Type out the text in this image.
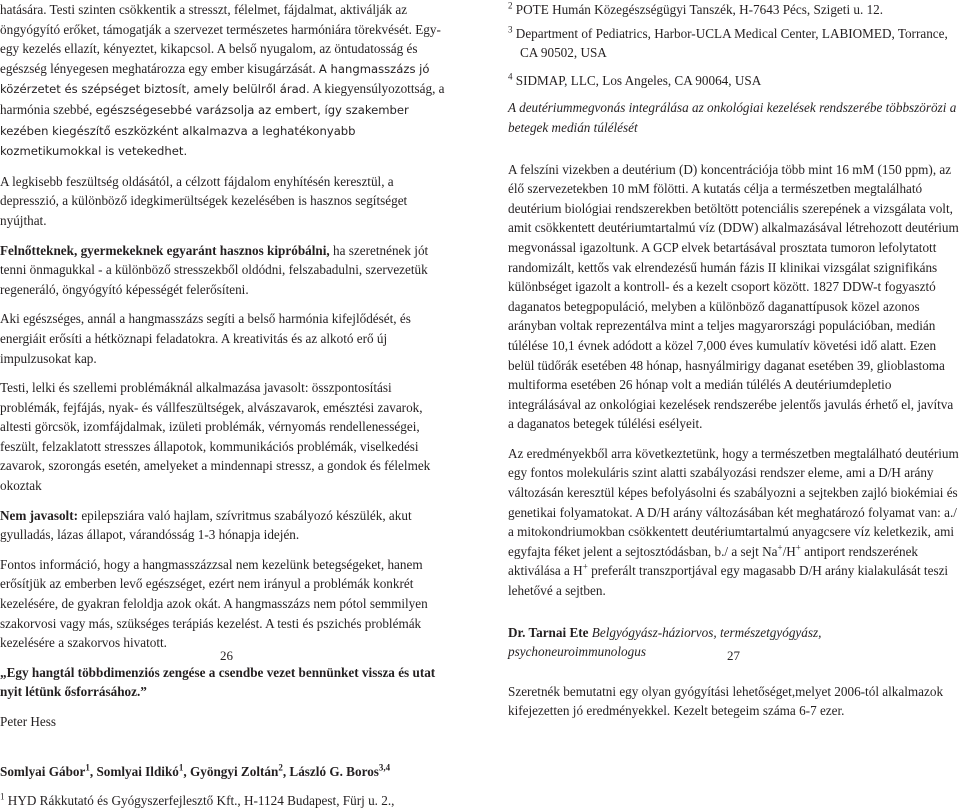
hatására. Testi szinten csökkentik a stresszt, félelmet, fájdalmat, aktiválják az öngyógyító erőket, támogatják a szervezet természetes harmóniára törekvését. Egy-egy kezelés ellazít, kényeztet, kikapcsol. A belső nyugalom, az öntudatosság és egészség lényegesen meghatározza egy ember kisugárzását. A hangmasszázs jó közérzetet és szépséget biztosít, amely belülről árad. A kiegyensúlyozottság, a harmónia szebbé, egészségesebbé varázsolja az embert, így szakember kezében kiegészítő eszközként alkalmazva a leghatékonyabb kozmetikumokkal is vetekedhet.

A legkisebb feszültség oldásától, a célzott fájdalom enyhítésén keresztül, a depresszió, a különböző idegkimerültségek kezelésében is hasznos segítséget nyújthat.

Felnőtteknek, gyermekeknek egyaránt hasznos kipróbálni, ha szeretnének jót tenni önmagukkal - a különböző stresszekből oldódni, felszabadulni, szervezetük regeneráló, öngyógyító képességét felerősíteni.

Aki egészséges, annál a hangmasszázs segíti a belső harmónia kifejlődését, és energiáit erősíti a hétköznapi feladatokra. A kreativitás és az alkotó erő új impulzusokat kap.

Testi, lelki és szellemi problémáknál alkalmazása javasolt: összpontosítási problémák, fejfájás, nyak- és vállfeszültségek, alvászavarok, emésztési zavarok, altesti görcsök, izomfájdalmak, izületi problémák, vérnyomás rendellenességei, feszült, felzaklatott stresszes állapotok, kommunikációs problémák, viselkedési zavarok, szorongás esetén, amelyeket a mindennapi stressz, a gondok és félelmek okoztak

Nem javasolt: epilepsziára való hajlam, szívritmus szabályozó készülék, akut gyulladás, lázas állapot, várandósság 1-3 hónapja idején.

Fontos információ, hogy a hangmasszázzsal nem kezelünk betegségeket, hanem erősítjük az emberben levő egészséget, ezért nem irányul a problémák konkrét kezelésére, de gyakran feloldja azok okát. A hangmasszázs nem pótol semmilyen szakorvosi vagy más, szükséges terápiás kezelést. A testi és pszichés problémák kezelésére a szakorvos hivatott.

„Egy hangtál többdimenziós zengése a csendbe vezet bennünket vissza és utat nyit létünk ősforrásához.”

Peter Hess

Somlyai Gábor$^1$, Somlyai Ildikó$^1$, Gyöngyi Zoltán$^2$, László G. Boros$^{3,4}$

$^1$ HYD Rákkutató és Gyógyszerfejlesztő Kft., H-1124 Budapest, Fürj u. 2.,

26

$^2$ POTE Humán Közegészségügyi Tanszék, H-7643 Pécs, Szigeti u. 12.

$^3$ Department of Pediatrics, Harbor-UCLA Medical Center, LABIOMED, Torrance, CA 90502, USA

$^4$ SIDMAP, LLC, Los Angeles, CA 90064, USA

A deutériummegvonás integrálása az onkológiai kezelések rendszerébe többszörözi a betegek medián túlélését

A felszíni vizekben a deutérium (D) koncentrációja több mint 16 mM (150 ppm), az élő szervezetekben 10 mM fölötti. A kutatás célja a természetben megtalálható deutérium biológiai rendszerekben betöltött potenciális szerepének a vizsgálata volt, amit csökkentett deutériumtartalmú víz (DDW) alkalmazásával létrehozott deutérium megvonással igazoltunk. A GCP elvek betartásával prosztata tumoron lefolytatott randomizált, kettős vak elrendezésű humán fázis II klinikai vizsgálat szignifikáns különbséget igazolt a kontroll- és a kezelt csoport között. 1827 DDW-t fogyasztó daganatos betegpopuláció, melyben a különböző daganattípusok közel azonos arányban voltak reprezentálva mint a teljes magyarországi populációban, medián túlélése 10,1 évnek adódott a közel 7,000 éves kumulatív követési idő alatt. Ezen belül tüdőrák esetében 48 hónap, hasnyálmirigy daganat esetében 39, glioblastoma multiforma esetében 26 hónap volt a medián túlélés A deutériumdepletio integrálásával az onkológiai kezelések rendszerébe jelentős javulás érhető el, javítva a daganatos betegek túlélési esélyeit.

Az eredményekből arra következtetünk, hogy a természetben megtalálható deutérium egy fontos molekuláris szint alatti szabályozási rendszer eleme, ami a D/H arány változásán keresztül képes befolyásolni és szabályozni a sejtekben zajló biokémiai és genetikai folyamatokat. A D/H arány változásában két meghatározó folyamat van: a./ a mitokondriumokban csökkentett deutériumtartalmú anyagcsere víz keletkezik, ami egyfajta féket jelent a sejtosztódásban, b./ a sejt Na+/H+ antiport rendszerének aktiválása a H+ preferált transzportjával egy magasabb D/H arány kialakulását teszi lehetővé a sejtben.

Dr. Tarnai Ete Belgyógyász-háziorvos, természetgyógyász, psychoneuroimmunologus

Szeretnék bemutatni egy olyan gyógyítási lehetőséget,melyet 2006-tól alkalmazok kifejezetten jó eredményekkel. Kezelt betegeim száma 6-7 ezer.

27
